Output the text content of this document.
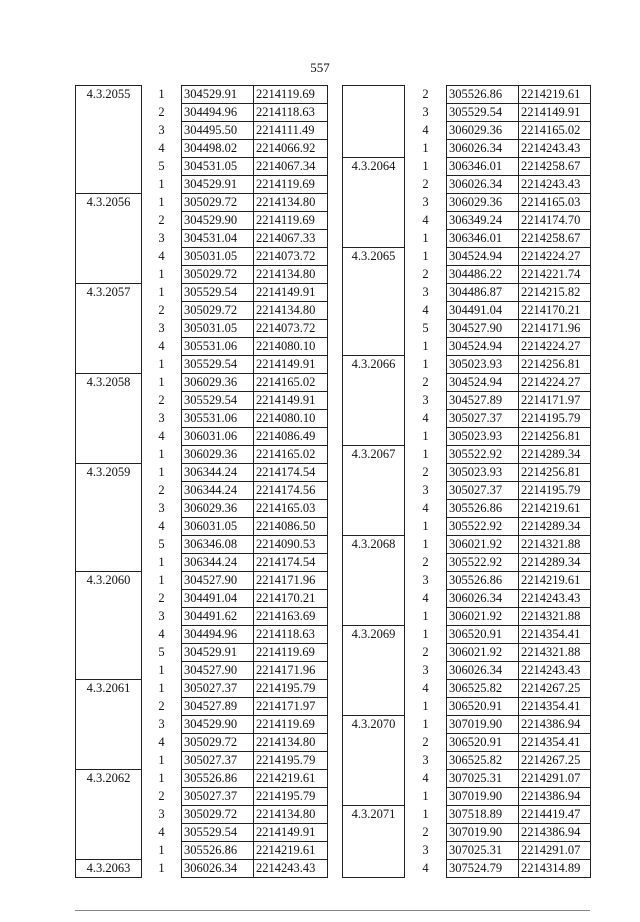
557
4.3.2055	1	304529.91	2214119.69
	2	304494.96	2214118.63
	3	304495.50	2214111.49
	4	304498.02	2214066.92
	5	304531.05	2214067.34
	1	304529.91	2214119.69
4.3.2056	1	305029.72	2214134.80
	2	304529.90	2214119.69
	3	304531.04	2214067.33
	4	305031.05	2214073.72
	1	305029.72	2214134.80
4.3.2057	1	305529.54	2214149.91
	2	305029.72	2214134.80
	3	305031.05	2214073.72
	4	305531.06	2214080.10
	1	305529.54	2214149.91
4.3.2058	1	306029.36	2214165.02
	2	305529.54	2214149.91
	3	305531.06	2214080.10
	4	306031.06	2214086.49
	1	306029.36	2214165.02
4.3.2059	1	306344.24	2214174.54
	2	306344.24	2214174.56
	3	306029.36	2214165.03
	4	306031.05	2214086.50
	5	306346.08	2214090.53
	1	306344.24	2214174.54
4.3.2060	1	304527.90	2214171.96
	2	304491.04	2214170.21
	3	304491.62	2214163.69
	4	304494.96	2214118.63
	5	304529.91	2214119.69
	1	304527.90	2214171.96
4.3.2061	1	305027.37	2214195.79
	2	304527.89	2214171.97
	3	304529.90	2214119.69
	4	305029.72	2214134.80
	1	305027.37	2214195.79
4.3.2062	1	305526.86	2214219.61
	2	305027.37	2214195.79
	3	305029.72	2214134.80
	4	305529.54	2214149.91
	1	305526.86	2214219.61
4.3.2063	1	306026.34	2214243.43
	2	305526.86	2214219.61
	3	305529.54	2214149.91
	4	306029.36	2214165.02
	1	306026.34	2214243.43
4.3.2064	1	306346.01	2214258.67
	2	306026.34	2214243.43
	3	306029.36	2214165.03
	4	306349.24	2214174.70
	1	306346.01	2214258.67
4.3.2065	1	304524.94	2214224.27
	2	304486.22	2214221.74
	3	304486.87	2214215.82
	4	304491.04	2214170.21
	5	304527.90	2214171.96
	1	304524.94	2214224.27
4.3.2066	1	305023.93	2214256.81
	2	304524.94	2214224.27
	3	304527.89	2214171.97
	4	305027.37	2214195.79
	1	305023.93	2214256.81
4.3.2067	1	305522.92	2214289.34
	2	305023.93	2214256.81
	3	305027.37	2214195.79
	4	305526.86	2214219.61
	1	305522.92	2214289.34
4.3.2068	1	306021.92	2214321.88
	2	305522.92	2214289.34
	3	305526.86	2214219.61
	4	306026.34	2214243.43
	1	306021.92	2214321.88
4.3.2069	1	306520.91	2214354.41
	2	306021.92	2214321.88
	3	306026.34	2214243.43
	4	306525.82	2214267.25
	1	306520.91	2214354.41
4.3.2070	1	307019.90	2214386.94
	2	306520.91	2214354.41
	3	306525.82	2214267.25
	4	307025.31	2214291.07
	1	307019.90	2214386.94
4.3.2071	1	307518.89	2214419.47
	2	307019.90	2214386.94
	3	307025.31	2214291.07
	4	307524.79	2214314.89
